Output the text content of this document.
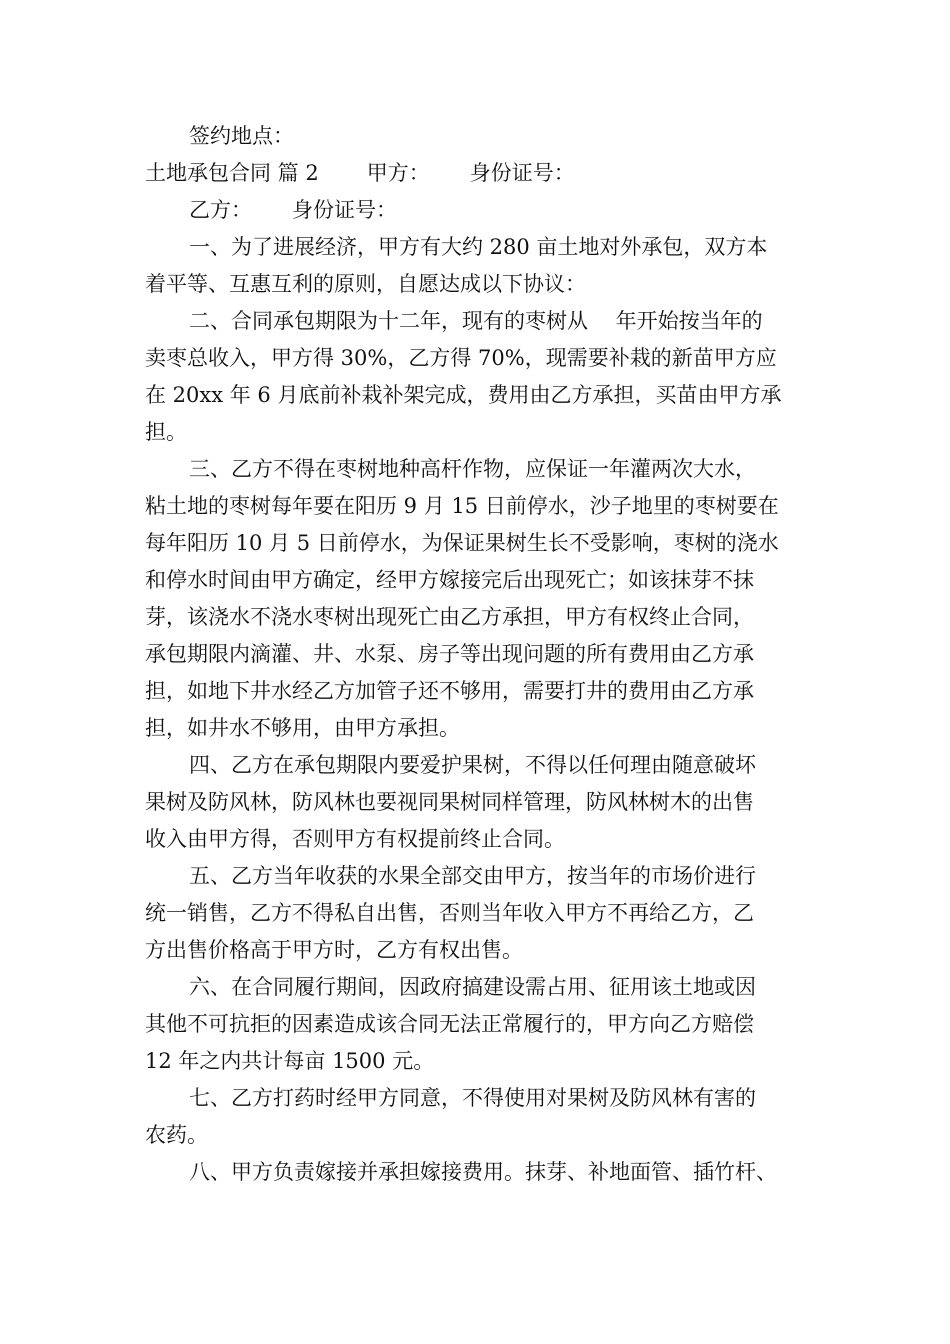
签约地点：
土地承包合同 篇 2 甲方： 身份证号：
乙方： 身份证号：
一、为了进展经济，甲方有大约 280 亩土地对外承包，双方本
着平等、互惠互利的原则，自愿达成以下协议：
二、合同承包期限为十二年，现有的枣树从　 年开始按当年的
卖枣总收入，甲方得 30%，乙方得 70%，现需要补栽的新苗甲方应
在 20xx 年 6 月底前补栽补架完成，费用由乙方承担，买苗由甲方承
担。
三、乙方不得在枣树地种高杆作物，应保证一年灌两次大水，
粘土地的枣树每年要在阳历 9 月 15 日前停水，沙子地里的枣树要在
每年阳历 10 月 5 日前停水，为保证果树生长不受影响，枣树的浇水
和停水时间由甲方确定，经甲方嫁接完后出现死亡；如该抹芽不抹
芽，该浇水不浇水枣树出现死亡由乙方承担，甲方有权终止合同，
承包期限内滴灌、井、水泵、房子等出现问题的所有费用由乙方承
担，如地下井水经乙方加管子还不够用，需要打井的费用由乙方承
担，如井水不够用，由甲方承担。
四、乙方在承包期限内要爱护果树，不得以任何理由随意破坏
果树及防风林，防风林也要视同果树同样管理，防风林树木的出售
收入由甲方得，否则甲方有权提前终止合同。
五、乙方当年收获的水果全部交由甲方，按当年的市场价进行
统一销售，乙方不得私自出售，否则当年收入甲方不再给乙方，乙
方出售价格高于甲方时，乙方有权出售。
六、在合同履行期间，因政府搞建设需占用、征用该土地或因
其他不可抗拒的因素造成该合同无法正常履行的，甲方向乙方赔偿
12 年之内共计每亩 1500 元。
七、乙方打药时经甲方同意，不得使用对果树及防风林有害的
农药。
八、甲方负责嫁接并承担嫁接费用。抹芽、补地面管、插竹杆、
